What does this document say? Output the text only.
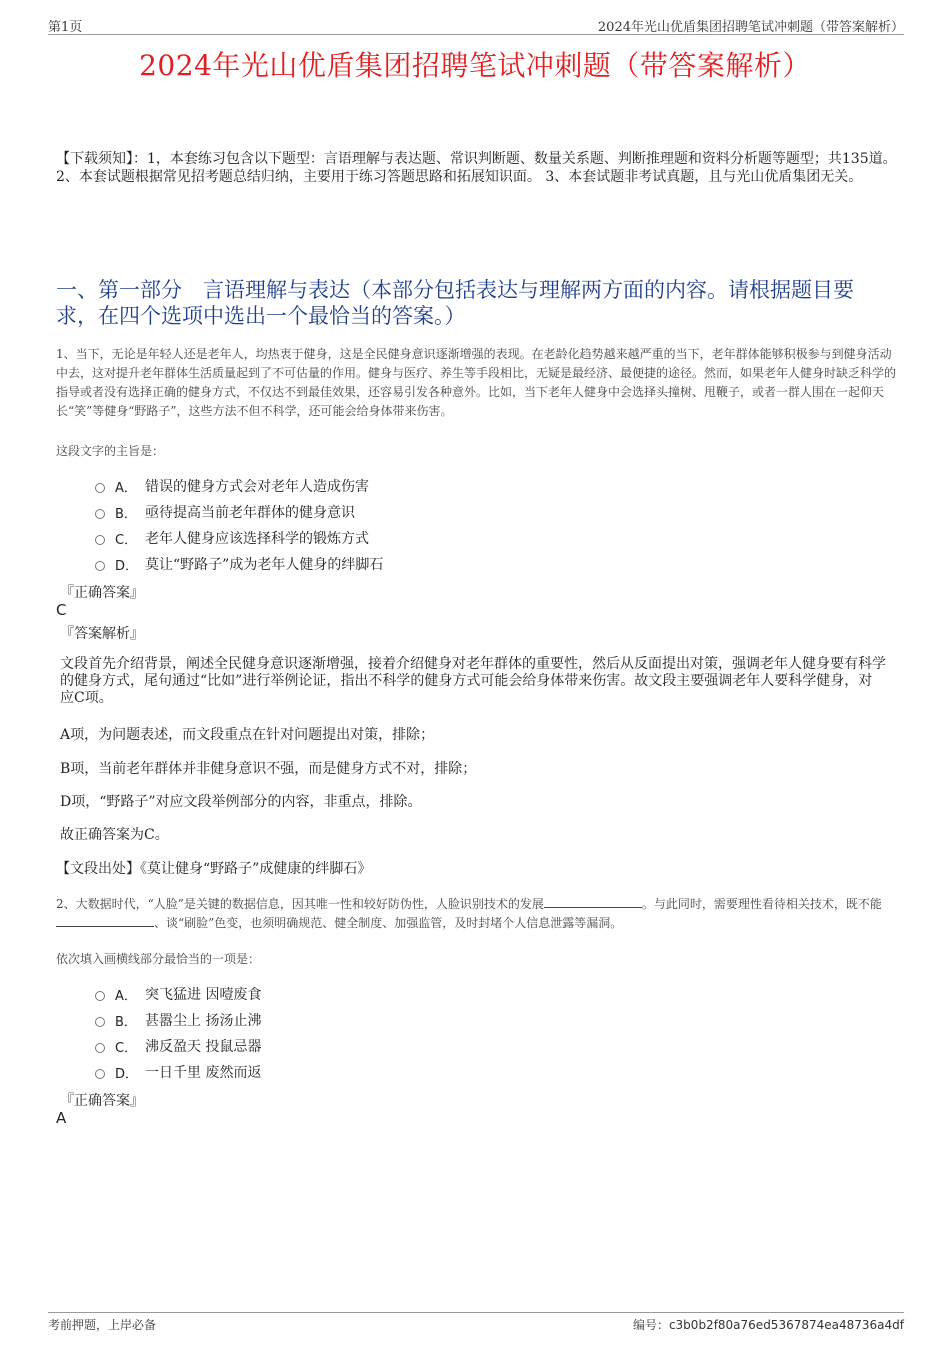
第1页	2024年光山优盾集团招聘笔试冲刺题（带答案解析）
2024年光山优盾集团招聘笔试冲刺题（带答案解析）
【下载须知】：1，本套练习包含以下题型：言语理解与表达题、常识判断题、数量关系题、判断推理题和资料分析题等题型；共135道。 2、本套试题根据常见招考题总结归纳，主要用于练习答题思路和拓展知识面。 3、本套试题非考试真题，且与光山优盾集团无关。
一、第一部分　言语理解与表达（本部分包括表达与理解两方面的内容。请根据题目要求，在四个选项中选出一个最恰当的答案。）
1、当下，无论是年轻人还是老年人，均热衷于健身，这是全民健身意识逐渐增强的表现。在老龄化趋势越来越严重的当下，老年群体能够积极参与到健身活动中去，这对提升老年群体生活质量起到了不可估量的作用。健身与医疗、养生等手段相比，无疑是最经济、最便捷的途径。然而，如果老年人健身时缺乏科学的指导或者没有选择正确的健身方式，不仅达不到最佳效果，还容易引发各种意外。比如，当下老年人健身中会选择头撞树、甩鞭子，或者一群人围在一起仰天长“笑”等健身“野路子”，这些方法不但不科学，还可能会给身体带来伤害。
这段文字的主旨是：
A． 错误的健身方式会对老年人造成伤害
B． 亟待提高当前老年群体的健身意识
C． 老年人健身应该选择科学的锻炼方式
D． 莫让“野路子”成为老年人健身的绊脚石
『正确答案』
C
『答案解析』
文段首先介绍背景，阐述全民健身意识逐渐增强，接着介绍健身对老年群体的重要性，然后从反面提出对策，强调老年人健身要有科学的健身方式，尾句通过“比如”进行举例论证，指出不科学的健身方式可能会给身体带来伤害。故文段主要强调老年人要科学健身，对应C项。
A项，为问题表述，而文段重点在针对问题提出对策，排除；
B项，当前老年群体并非健身意识不强，而是健身方式不对，排除；
D项，“野路子”对应文段举例部分的内容，非重点，排除。
故正确答案为C。
【文段出处】《莫让健身“野路子”成健康的绊脚石》
2、大数据时代，“人脸”是关键的数据信息，因其唯一性和较好防伪性，人脸识别技术的发展	。与此同时，需要理性看待相关技术，既不能、谈“刷脸”色变，也须明确规范、健全制度、加强监管，及时封堵个人信息泄露等漏洞。
依次填入画横线部分最恰当的一项是：
A． 突飞猛进 因噎废食
B． 甚嚣尘上 扬汤止沸
C． 沸反盈天 投鼠忌器
D． 一日千里 废然而返
『正确答案』
A
考前押题，上岸必备	编号：c3b0b2f80a76ed5367874ea48736a4df
